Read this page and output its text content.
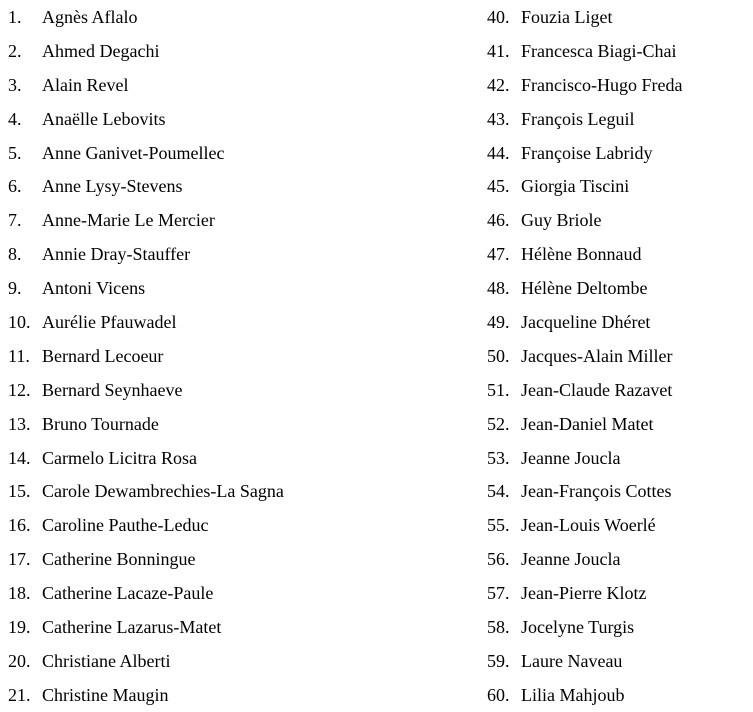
1. Agnès Aflalo
2. Ahmed Degachi
3. Alain Revel
4. Anaëlle Lebovits
5. Anne Ganivet-Poumellec
6. Anne Lysy-Stevens
7. Anne-Marie Le Mercier
8. Annie Dray-Stauffer
9. Antoni Vicens
10. Aurélie Pfauwadel
11. Bernard Lecoeur
12. Bernard Seynhaeve
13. Bruno Tournade
14. Carmelo Licitra Rosa
15. Carole Dewambrechies-La Sagna
16. Caroline Pauthe-Leduc
17. Catherine Bonningue
18. Catherine Lacaze-Paule
19. Catherine Lazarus-Matet
20. Christiane Alberti
21. Christine Maugin
40. Fouzia Liget
41. Francesca Biagi-Chai
42. Francisco-Hugo Freda
43. François Leguil
44. Françoise Labridy
45. Giorgia Tiscini
46. Guy Briole
47. Hélène Bonnaud
48. Hélène Deltombe
49. Jacqueline Dhéret
50. Jacques-Alain Miller
51. Jean-Claude Razavet
52. Jean-Daniel Matet
53. Jeanne Joucla
54. Jean-François Cottes
55. Jean-Louis Woerlé
56. Jeanne Joucla
57. Jean-Pierre Klotz
58. Jocelyne Turgis
59. Laure Naveau
60. Lilia Mahjoub
